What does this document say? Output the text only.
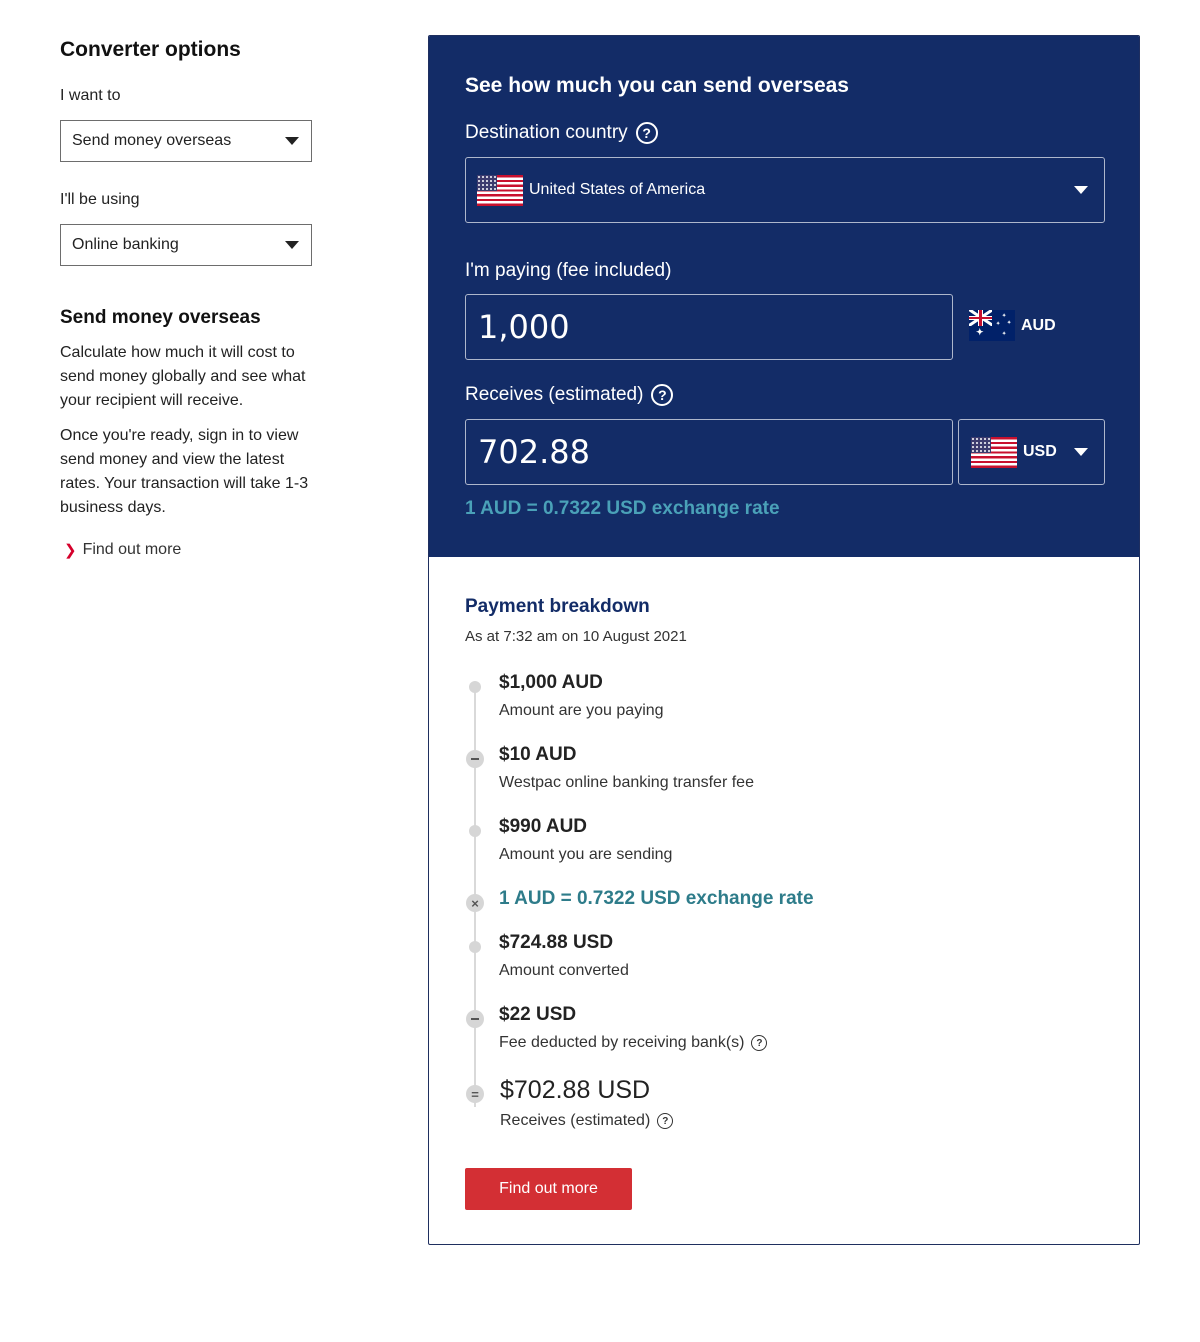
Converter options
I want to
Send money overseas
I'll be using
Online banking
Send money overseas

Calculate how much it will cost to send money globally and see what your recipient will receive.

Once you're ready, sign in to view send money and view the latest rates. Your transaction will take 1-3 business days.

❯ Find out more
See how much you can send overseas
Destination country	?
United States of America
I'm paying (fee included)
1,000	✦
✦
✦ ✦
✦
AUD
Receives (estimated)	?
702.88	USD
1 AUD = 0.7322 USD exchange rate
Payment breakdown
As at 7:32 am on 10 August 2021
$1,000 AUD
Amount are you paying
$10 AUD
Westpac online banking transfer fee
$990 AUD
Amount you are sending
× 1 AUD = 0.7322 USD exchange rate
$724.88 USD
Amount converted
$22 USD
Fee deducted by receiving bank(s)	?
= $702.88 USD
Receives (estimated)	?
Find out more
